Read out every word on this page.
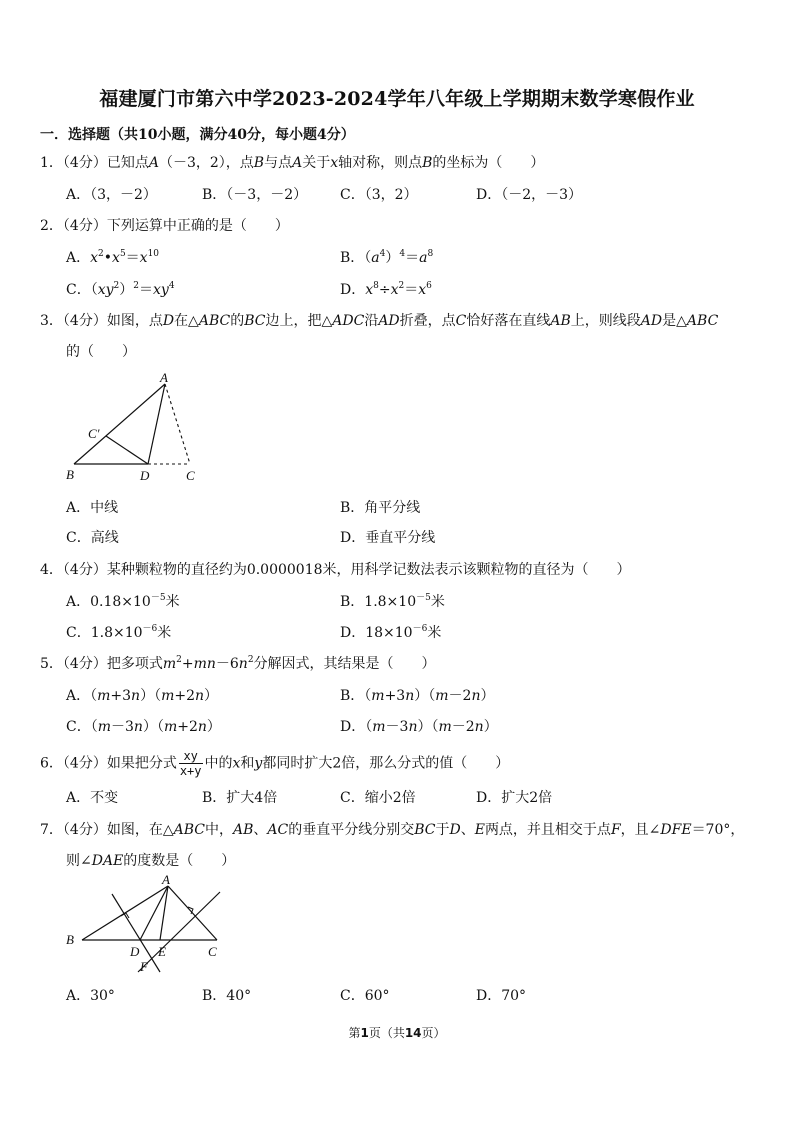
福建厦门市第六中学2023-2024学年八年级上学期期末数学寒假作业
一．选择题（共10小题，满分40分，每小题4分）
1．（4分）已知点A（－3，2），点B与点A关于x轴对称，则点B的坐标为（　　）
A．（3，－2）	B．（－3，－2） C．（3，2）	D．（－2，－3）
2．（4分）下列运算中正确的是（　　）
A．$x^2•x^5=x^{10}$	B．$(a^4)^4=a^8$
C．$(xy^2)^2=xy^4$	D．$x^8\div x^2=x^6$
3．（4分）如图，点D在△ABC的BC边上，把△ADC沿AD折叠，点C恰好落在直线AB上，则线段AD是△ABC
的（　　）
A
B	D	C
C′
A．中线	B．角平分线
C．高线	D．垂直平分线
4．（4分）某种颗粒物的直径约为0.0000018米，用科学记数法表示该颗粒物的直径为（　　）
A．$0.18\times 10^{-5}$米	B．$1.8\times 10^{-5}$米
C．$1.8\times 10^{-6}$米	D．$18\times 10^{-6}$米
5．（4分）把多项式$m^2+mn-6n^2$分解因式，其结果是（　　）
A．（m+3n）（m+2n）	B．（m+3n）（m－2n）
C．（m－3n）（m+2n）	D．（m－3n）（m－2n）
6．（4分）如果把分式 $\frac{xy}{x+y}$ 中的x和y都同时扩大2倍，那么分式的值（　　）
A．不变	B．扩大4倍	C．缩小2倍	D．扩大2倍
7．（4分）如图，在△ABC中，AB、AC的垂直平分线分别交BC于D、E两点，并且相交于点F，且∠DFE＝70°，
则∠DAE的度数是（　　）
A
B
D E	C
F
A．30°	B．40°	C．60°	D．70°
第1页（共14页）
